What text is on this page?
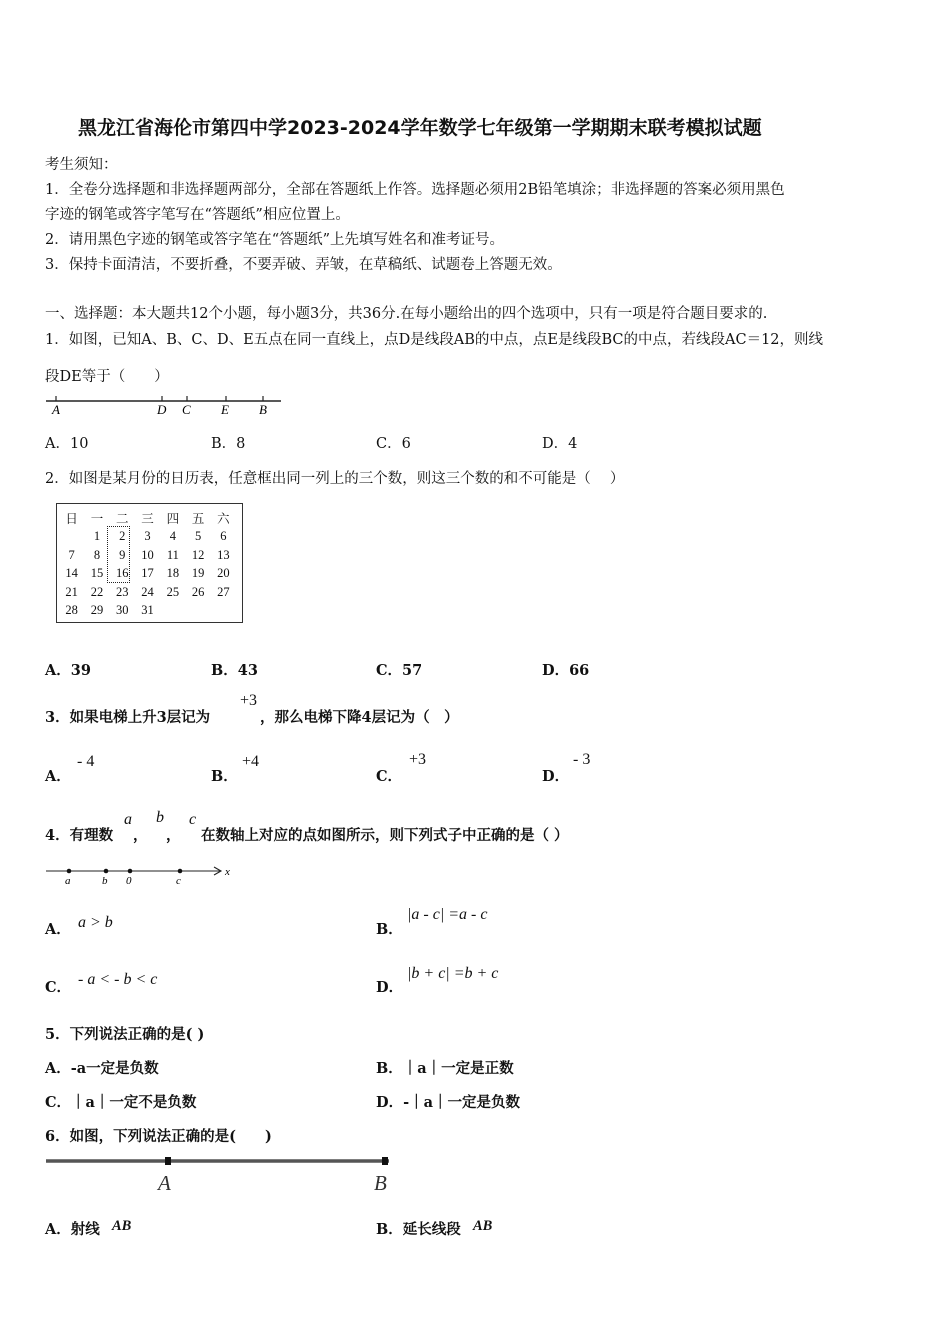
黑龙江省海伦市第四中学2023-2024学年数学七年级第一学期期末联考模拟试题
考生须知：
1．全卷分选择题和非选择题两部分，全部在答题纸上作答。选择题必须用2B铅笔填涂；非选择题的答案必须用黑色
字迹的钢笔或答字笔写在“答题纸”相应位置上。
2．请用黑色字迹的钢笔或答字笔在“答题纸”上先填写姓名和准考证号。
3．保持卡面清洁，不要折叠，不要弄破、弄皱，在草稿纸、试题卷上答题无效。
一、选择题：本大题共12个小题，每小题3分，共36分.在每小题给出的四个选项中，只有一项是符合题目要求的.
1．如图，已知A、B、C、D、E五点在同一直线上，点D是线段AB的中点，点E是线段BC的中点，若线段AC＝12，则线
段DE等于（　　）
A	D C E B
A．10	B．8	C．6	D．4
2．如图是某月份的日历表，任意框出同一列上的三个数，则这三个数的和不可能是（　 ）
日	一	二	三	四	五	六
	1	2	3	4	5	6
7	8	9	10	11	12	13
14	15	16	17	18	19	20
21	22	23	24	25	26	27
28	29	30	31			
A．39	B．43	C．57	D．66
3．如果电梯上升3层记为
+3
，那么电梯下降4层记为（　）
A．
- 4
B．
+4
C．
+3
D．
- 3
4．有理数
a
，
b
，
c
在数轴上对应的点如图所示，则下列式子中正确的是（ ）
a	b 0	c
x
A． a > b	B．
|a - c| =a - c
C． - a < - b < c	D．
|b + c| =b + c
5．下列说法正确的是( )
A．-a一定是负数	B．｜a｜一定是正数
C．｜a｜一定不是负数	D．-｜a｜一定是负数
6．如图，下列说法正确的是(　　)
A	B
A．射线 AB	B．延长线段 AB
